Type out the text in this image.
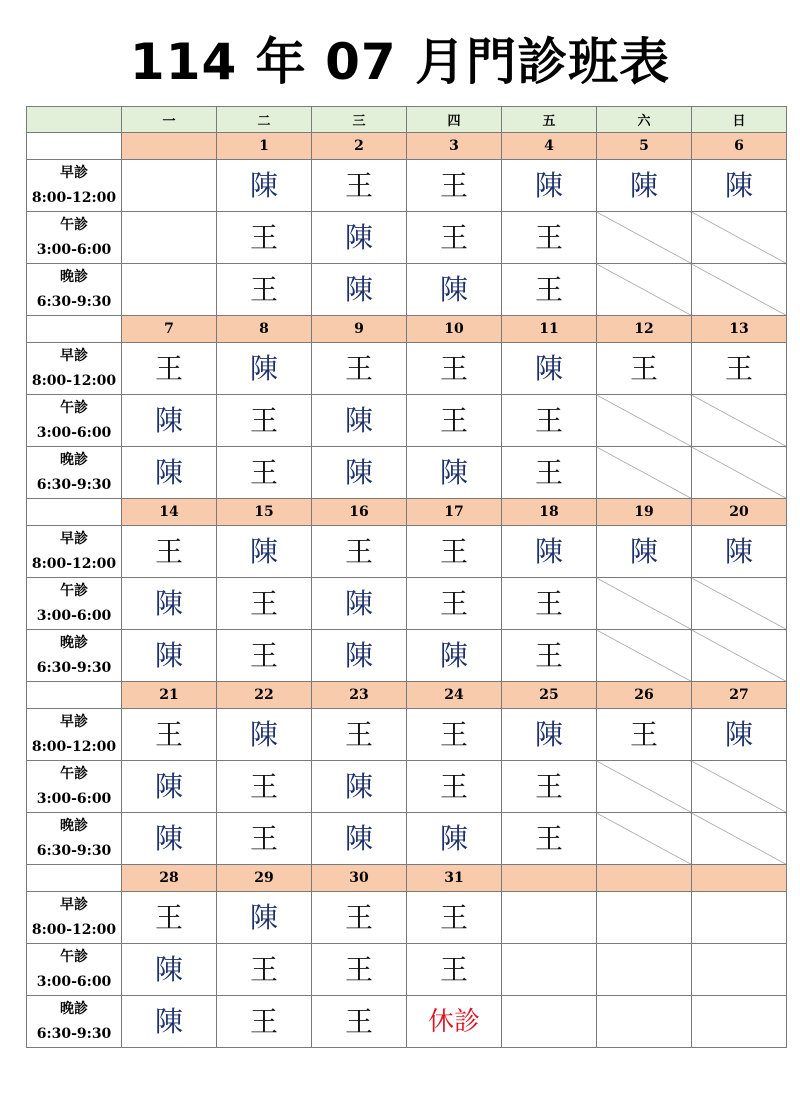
114 年 07 月門診班表
	一	二	三	四	五	六	日
		1	2	3	4	5	6

早診
8:00-12:00		陳	王	王	陳	陳	陳

午診
3:00-6:00		王	陳	王	王		

晚診
6:30-9:30		王	陳	陳	王		
	7	8	9	10	11	12	13

早診
8:00-12:00	王	陳	王	王	陳	王	王

午診
3:00-6:00	陳	王	陳	王	王		

晚診
6:30-9:30	陳	王	陳	陳	王		
	14	15	16	17	18	19	20

早診
8:00-12:00	王	陳	王	王	陳	陳	陳

午診
3:00-6:00	陳	王	陳	王	王		

晚診
6:30-9:30	陳	王	陳	陳	王		
	21	22	23	24	25	26	27

早診
8:00-12:00	王	陳	王	王	陳	王	陳

午診
3:00-6:00	陳	王	陳	王	王		

晚診
6:30-9:30	陳	王	陳	陳	王		
	28	29	30	31			

早診
8:00-12:00	王	陳	王	王			

午診
3:00-6:00	陳	王	王	王			

晚診
6:30-9:30	陳	王	王	休診			
